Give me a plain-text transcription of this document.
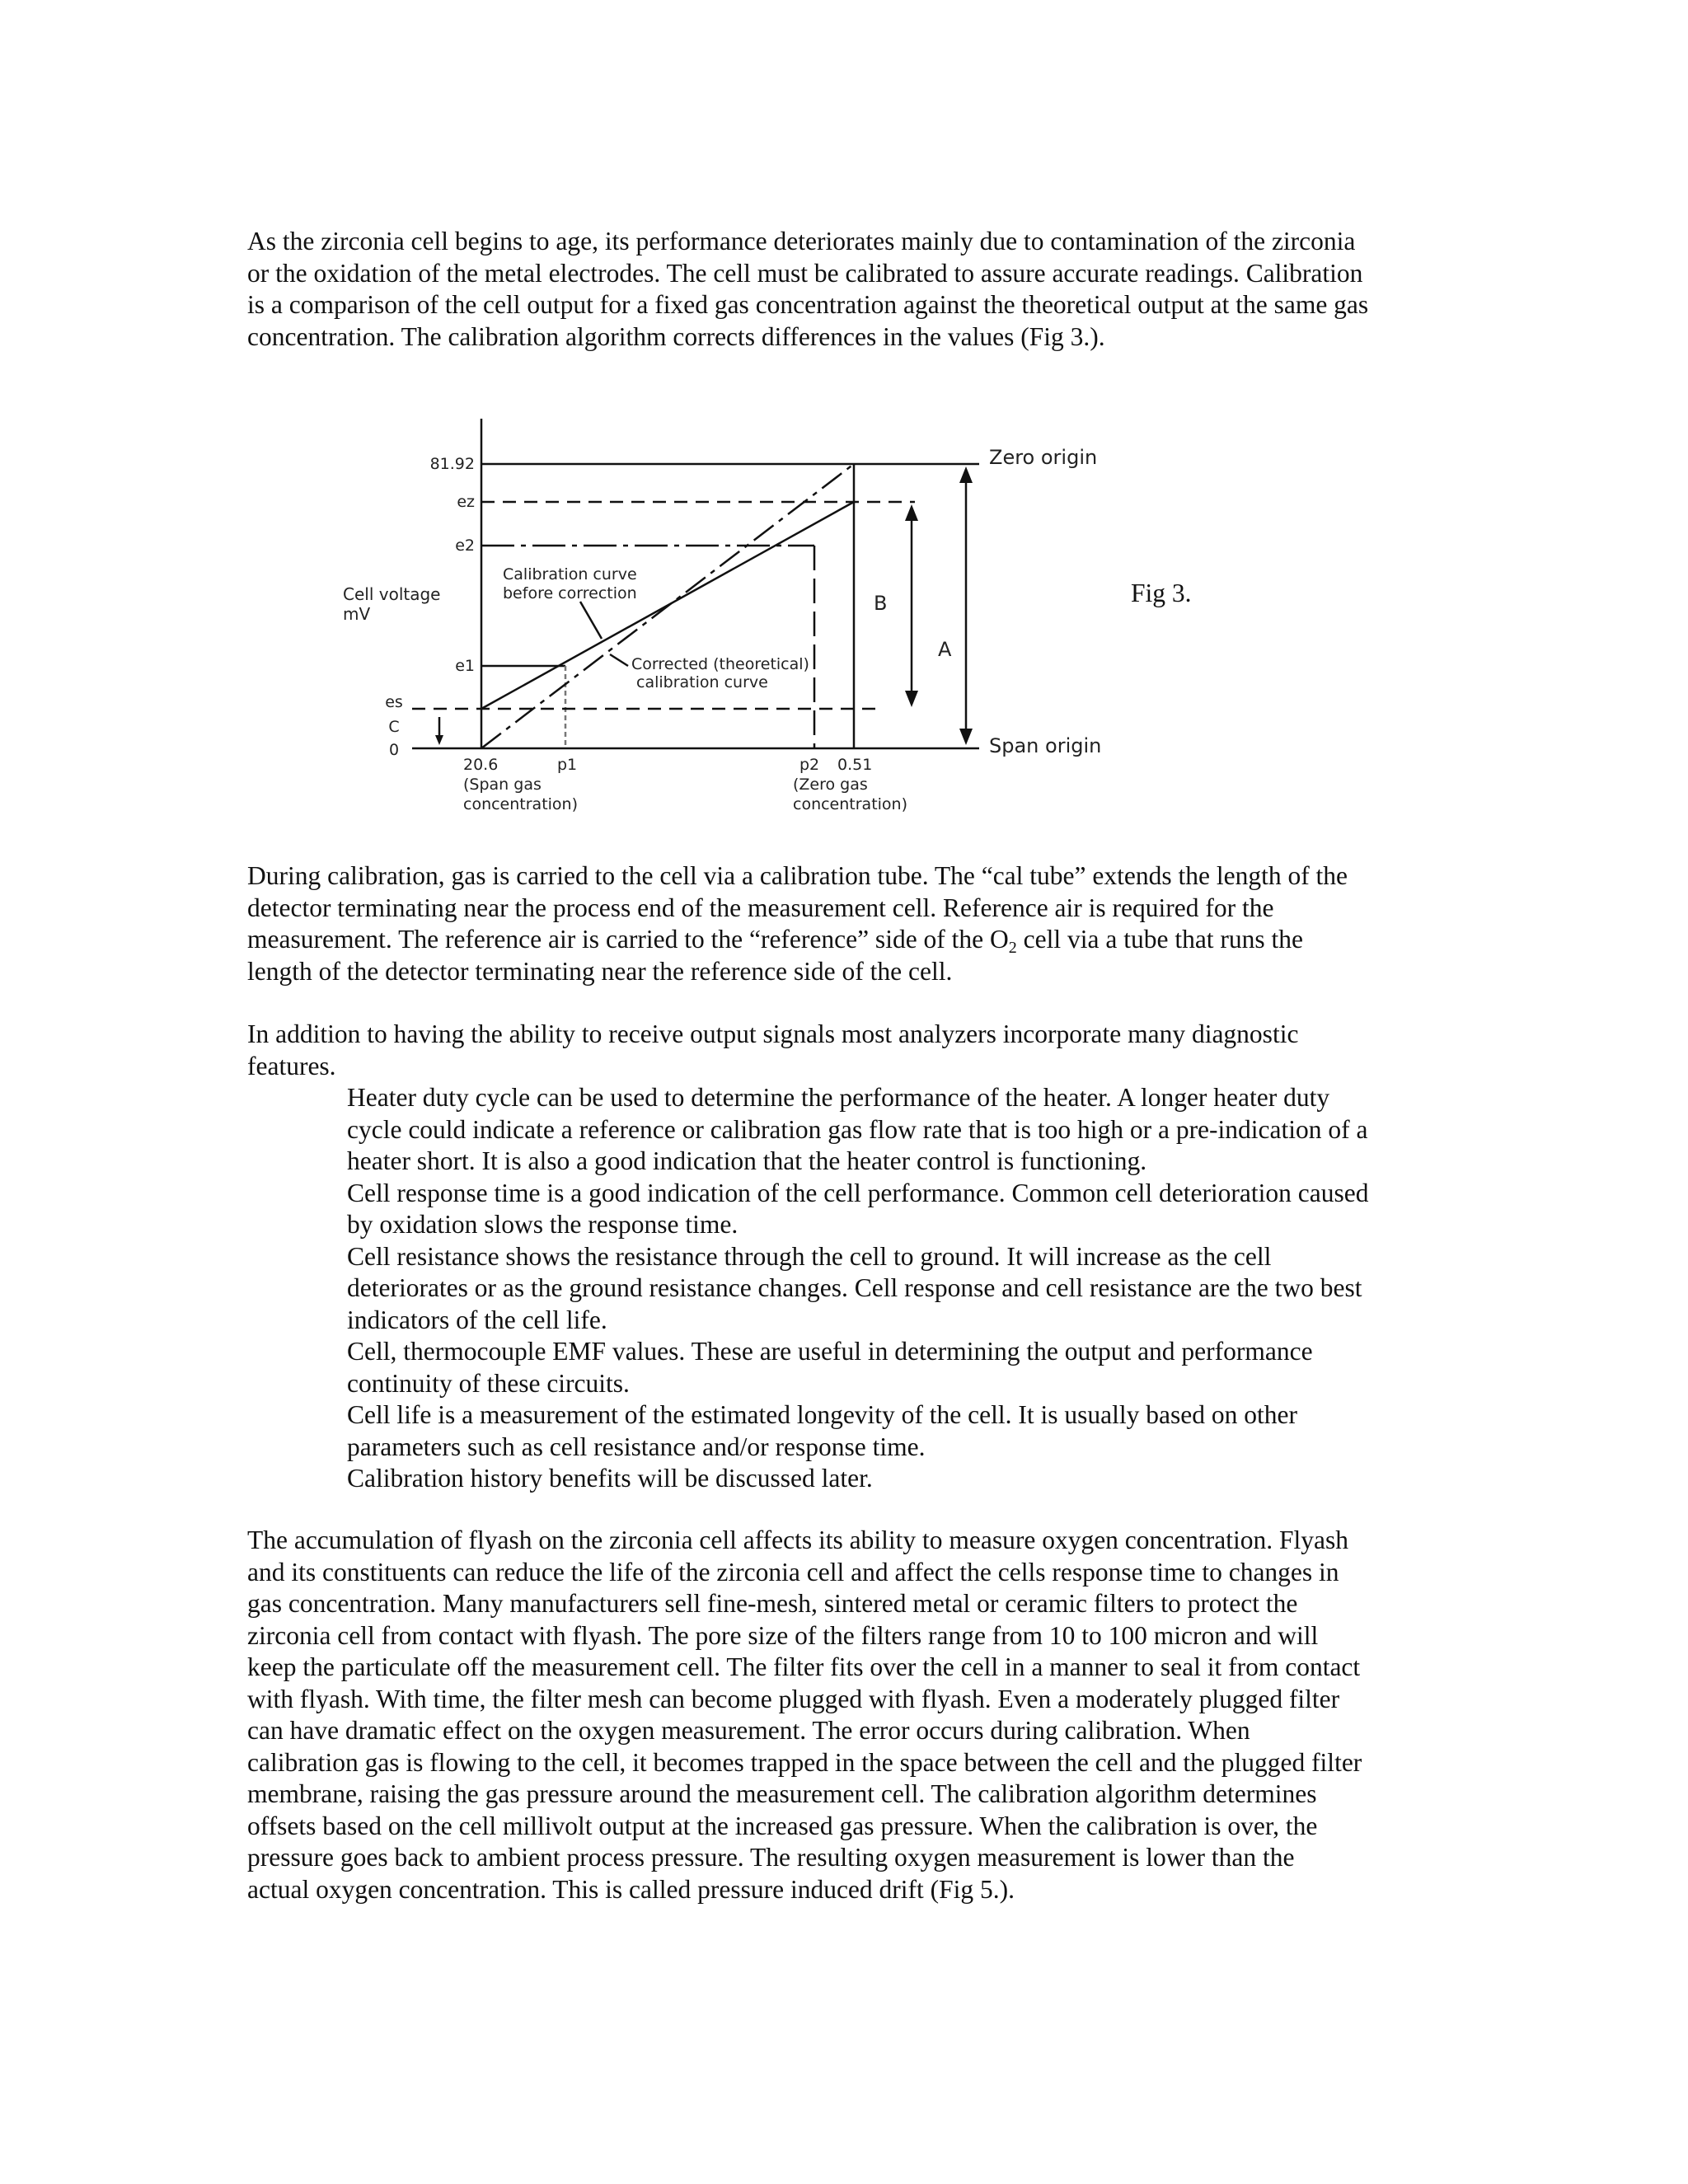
As the zirconia cell begins to age, its performance deteriorates mainly due to contamination of the zirconia
or the oxidation of the metal electrodes. The cell must be calibrated to assure accurate readings. Calibration
is a comparison of the cell output for a fixed gas concentration against the theoretical output at the same gas
concentration. The calibration algorithm corrects differences in the values (Fig 3.).
81.92
ez
e2
e1
es
C
0
Cell voltage
mV
20.6
(Span gas
concentration)
p1	p2 0.51
(Zero gas
concentration)
Zero origin
Span origin
B
A
Calibration curve
before correction
Corrected (theoretical)
calibration curve
Fig 3.
During calibration, gas is carried to the cell via a calibration tube. The “cal tube” extends the length of the
detector terminating near the process end of the measurement cell. Reference air is required for the
measurement. The reference air is carried to the “reference” side of the $O_2$ cell via a tube that runs the
length of the detector terminating near the reference side of the cell.
In addition to having the ability to receive output signals most analyzers incorporate many diagnostic
features.
Heater duty cycle can be used to determine the performance of the heater. A longer heater duty
cycle could indicate a reference or calibration gas flow rate that is too high or a pre-indication of a
heater short. It is also a good indication that the heater control is functioning.
Cell response time is a good indication of the cell performance. Common cell deterioration caused
by oxidation slows the response time.
Cell resistance shows the resistance through the cell to ground. It will increase as the cell
deteriorates or as the ground resistance changes. Cell response and cell resistance are the two best
indicators of the cell life.
Cell, thermocouple EMF values. These are useful in determining the output and performance
continuity of these circuits.
Cell life is a measurement of the estimated longevity of the cell. It is usually based on other
parameters such as cell resistance and/or response time.
Calibration history benefits will be discussed later.
The accumulation of flyash on the zirconia cell affects its ability to measure oxygen concentration. Flyash
and its constituents can reduce the life of the zirconia cell and affect the cells response time to changes in
gas concentration. Many manufacturers sell fine-mesh, sintered metal or ceramic filters to protect the
zirconia cell from contact with flyash. The pore size of the filters range from 10 to 100 micron and will
keep the particulate off the measurement cell. The filter fits over the cell in a manner to seal it from contact
with flyash. With time, the filter mesh can become plugged with flyash. Even a moderately plugged filter
can have dramatic effect on the oxygen measurement. The error occurs during calibration. When
calibration gas is flowing to the cell, it becomes trapped in the space between the cell and the plugged filter
membrane, raising the gas pressure around the measurement cell. The calibration algorithm determines
offsets based on the cell millivolt output at the increased gas pressure. When the calibration is over, the
pressure goes back to ambient process pressure. The resulting oxygen measurement is lower than the
actual oxygen concentration. This is called pressure induced drift (Fig 5.).
